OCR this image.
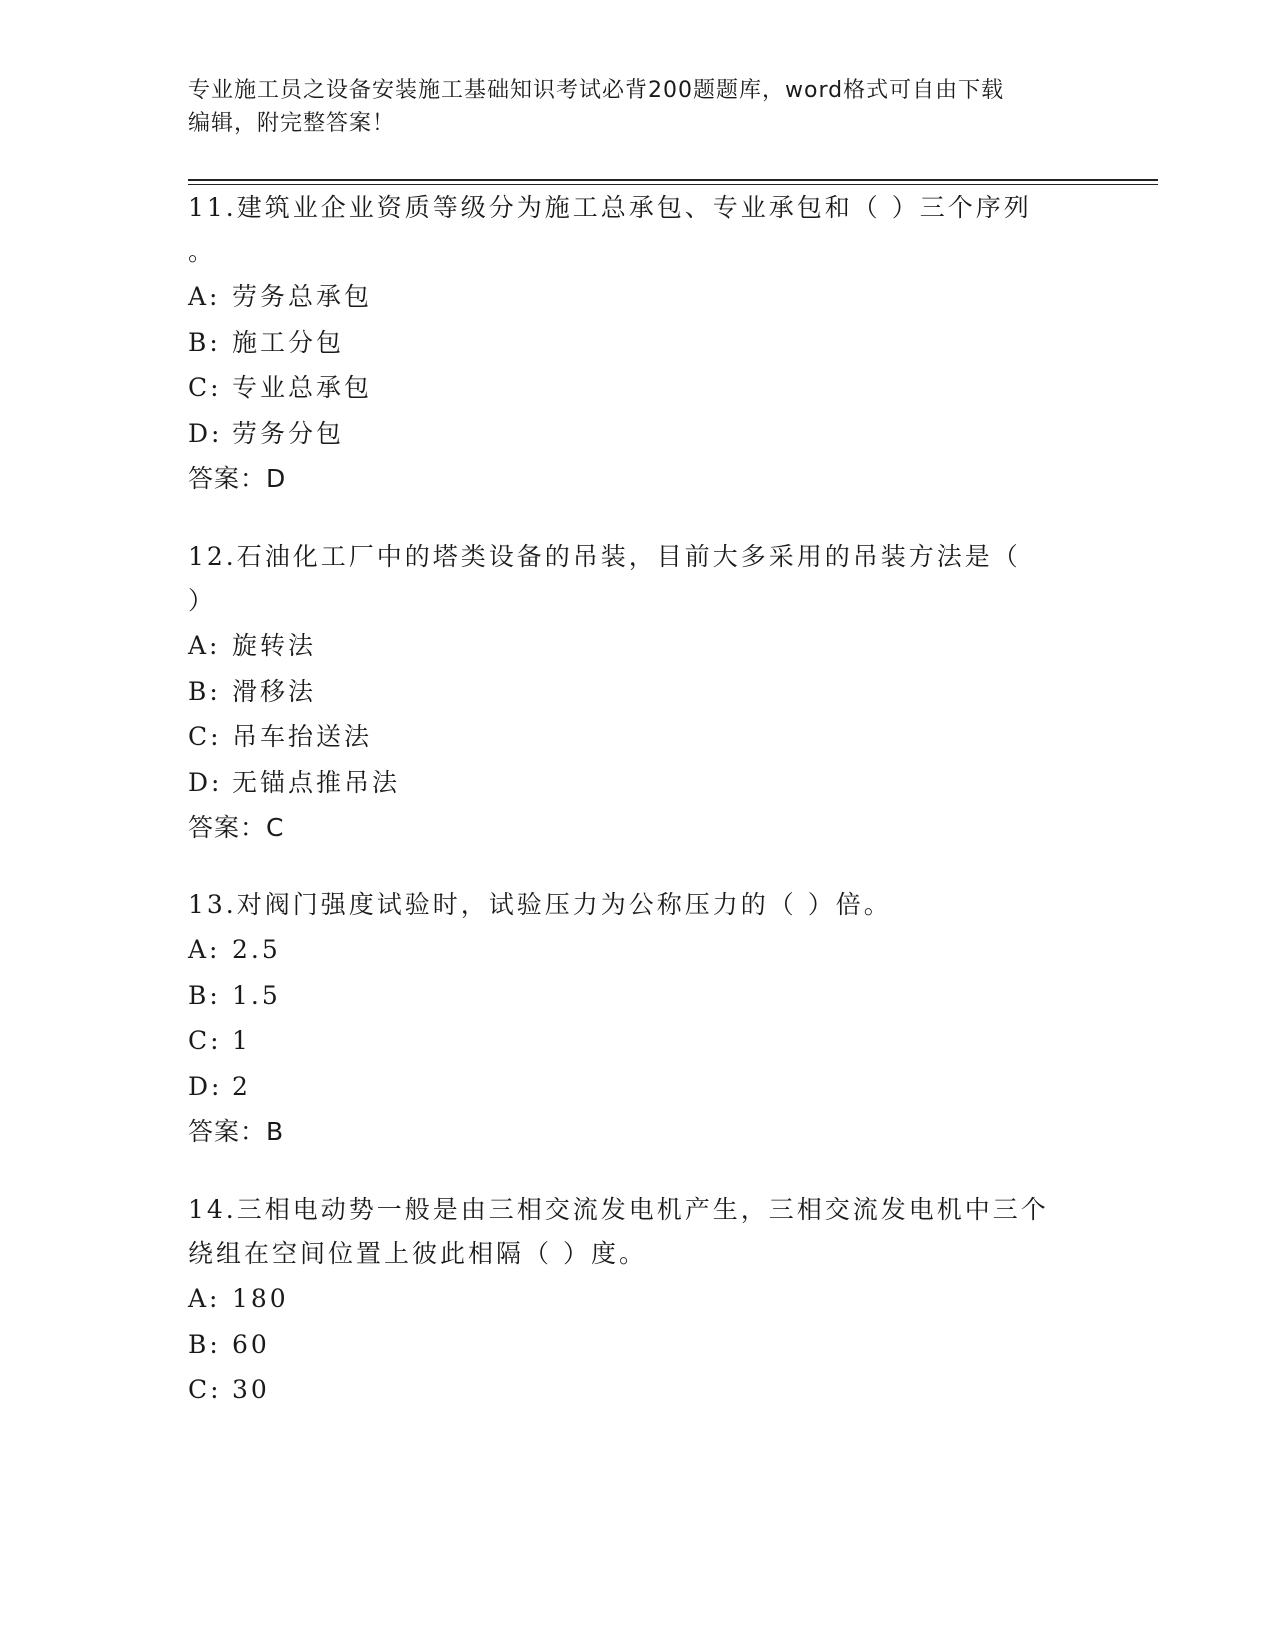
专业施工员之设备安装施工基础知识考试必背200题题库，word格式可自由下载
编辑，附完整答案！
11.建筑业企业资质等级分为施工总承包、专业承包和（ ）三个序列
。
A: 劳务总承包
B: 施工分包
C: 专业总承包
D: 劳务分包
答案：D
12.石油化工厂中的塔类设备的吊装，目前大多采用的吊装方法是（
）
A: 旋转法
B: 滑移法
C: 吊车抬送法
D: 无锚点推吊法
答案：C
13.对阀门强度试验时，试验压力为公称压力的（ ）倍。
A: 2.5
B: 1.5
C: 1
D: 2
答案：B
14.三相电动势一般是由三相交流发电机产生，三相交流发电机中三个
绕组在空间位置上彼此相隔（ ）度。
A: 180
B: 60
C: 30
